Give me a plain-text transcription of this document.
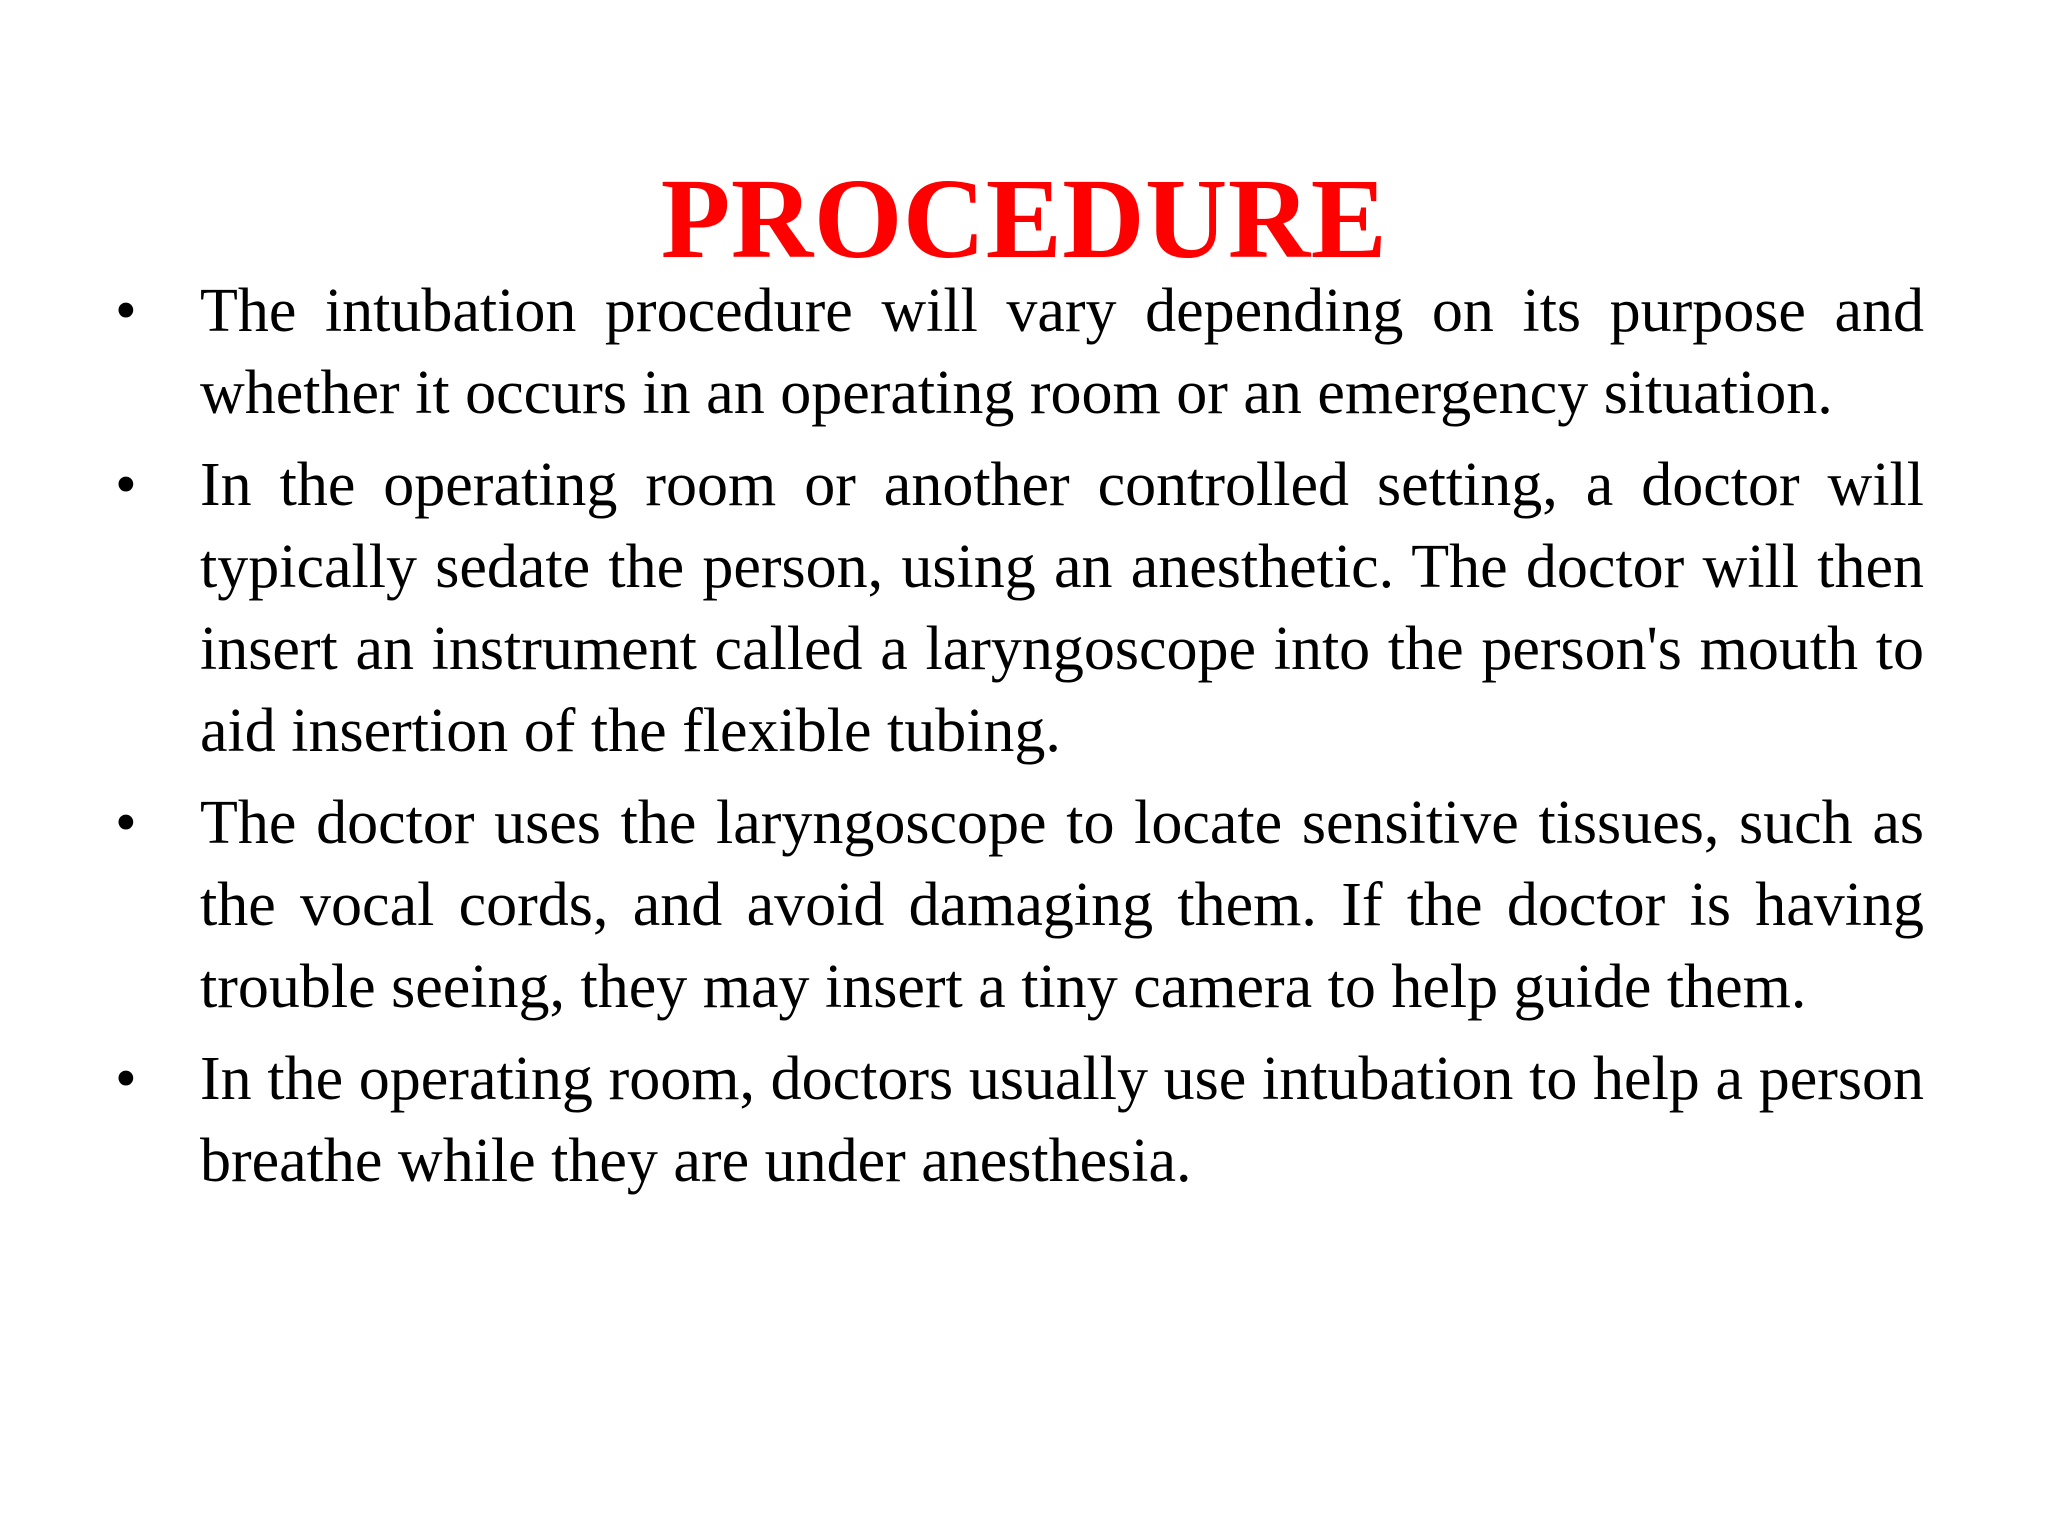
PROCEDURE
• The intubation procedure will vary depending on its purpose and whether it occurs in an operating room or an emergency situation.
• In the operating room or another controlled setting, a doctor will typically sedate the person, using an anesthetic. The doctor will then insert an instrument called a laryngoscope into the person's mouth to aid insertion of the flexible tubing.
• The doctor uses the laryngoscope to locate sensitive tissues, such as the vocal cords, and avoid damaging them. If the doctor is having trouble seeing, they may insert a tiny camera to help guide them.
• In the operating room, doctors usually use intubation to help a person breathe while they are under anesthesia.
